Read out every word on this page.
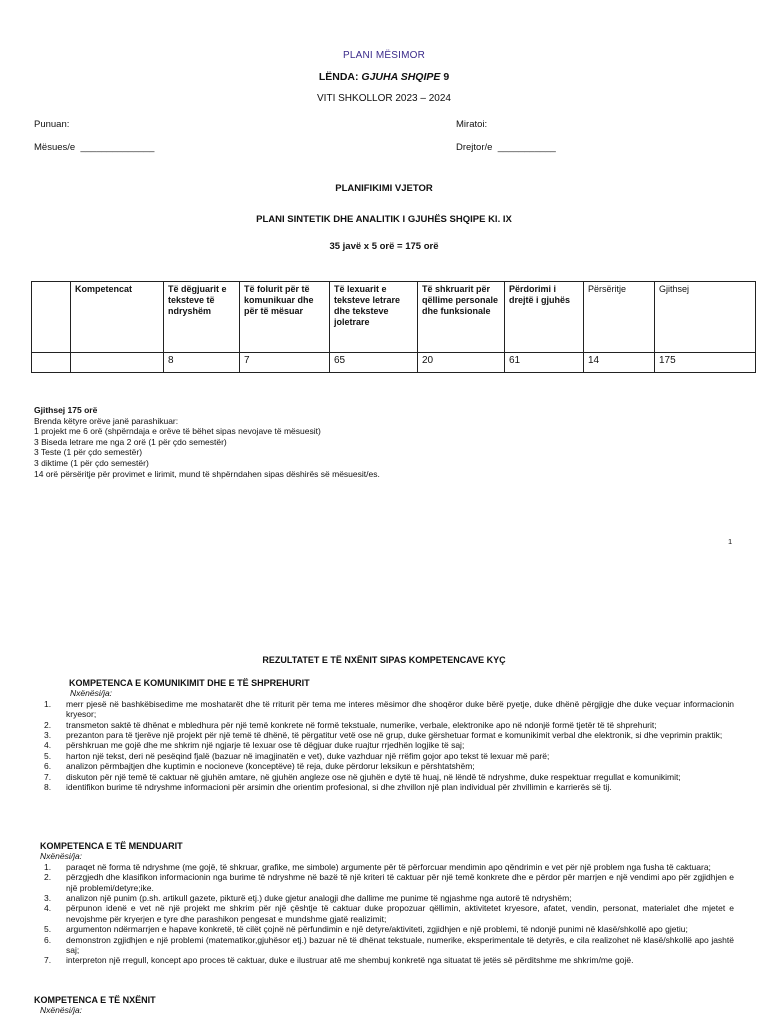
PLANI MËSIMOR
LËNDA: GJUHA SHQIPE 9
VITI SHKOLLOR 2023 – 2024
Punuan:	Miratoi:
Mësues/e ______________	Drejtor/e ___________
PLANIFIKIMI VJETOR
PLANI SINTETIK DHE ANALITIK I GJUHËS SHQIPE Kl. IX
35 javë x 5 orë = 175 orë
	Kompetencat	Të dëgjuarit e teksteve të ndryshëm	Të folurit për të komunikuar dhe për të mësuar	Të lexuarit e teksteve letrare dhe teksteve joletrare	Të shkruarit për qëllime personale dhe funksionale	Përdorimi i drejtë i gjuhës	Përsëritje	Gjithsej
		8	7	65	20	61	14	175
Gjithsej 175 orë
Brenda këtyre orëve janë parashikuar:
1 projekt me 6 orë (shpërndaja e orëve të bëhet sipas nevojave të mësuesit)
3 Biseda letrare me nga 2 orë (1 për çdo semestër)
3 Teste (1 për çdo semestër)
3 diktime (1 për çdo semestër)
14 orë përsëritje për provimet e lirimit, mund të shpërndahen sipas dëshirës së mësuesit/es.
1
REZULTATET E TË NXËNIT SIPAS KOMPETENCAVE KYÇ
KOMPETENCA E KOMUNIKIMIT DHE E TË SHPREHURIT
Nxënësi/ja:
1. merr pjesë në bashkëbisedime me moshatarët dhe të rriturit për tema me interes mësimor dhe shoqëror duke bërë pyetje, duke dhënë përgjigje dhe duke veçuar informacionin kryesor;
2. transmeton saktë të dhënat e mbledhura për një temë konkrete në formë tekstuale, numerike, verbale, elektronike apo në ndonjë formë tjetër të të shprehurit;
3. prezanton para të tjerëve një projekt për një temë të dhënë, të përgatitur vetë ose në grup, duke gërshetuar format e komunikimit verbal dhe elektronik, si dhe veprimin praktik;
4. përshkruan me gojë dhe me shkrim një ngjarje të lexuar ose të dëgjuar duke ruajtur rrjedhën logjike të saj;
5. harton një tekst, deri në pesëqind fjalë (bazuar në imagjinatën e vet), duke vazhduar një rrëfim gojor apo tekst të lexuar më parë;
6. analizon përmbajtjen dhe kuptimin e nocioneve (konceptëve) të reja, duke përdorur leksikun e përshtatshëm;
7. diskuton për një temë të caktuar në gjuhën amtare, në gjuhën angleze ose në gjuhën e dytë të huaj, në lëndë të ndryshme, duke respektuar rregullat e komunikimit;
8. identifikon burime të ndryshme informacioni për arsimin dhe orientim profesional, si dhe zhvillon një plan individual për zhvillimin e karrierës së tij.
KOMPETENCA E TË MENDUARIT
Nxënësi/ja:
1. paraqet në forma të ndryshme (me gojë, të shkruar, grafike, me simbole) argumente për të përforcuar mendimin apo qëndrimin e vet për një problem nga fusha të caktuara;
2. përzgjedh dhe klasifikon informacionin nga burime të ndryshme në bazë të një kriteri të caktuar për një temë konkrete dhe e përdor për marrjen e një vendimi apo për zgjidhjen e një problemi/detyre;ike.
3. analizon një punim (p.sh. artikull gazete, pikturë etj.) duke gjetur analogji dhe dallime me punime të ngjashme nga autorë të ndryshëm;
4. përpunon idenë e vet në një projekt me shkrim për një çështje të caktuar duke propozuar qëllimin, aktivitetet kryesore, afatet, vendin, personat, materialet dhe mjetet e nevojshme për kryerjen e tyre dhe parashikon pengesat e mundshme gjatë realizimit;
5. argumenton ndërmarrjen e hapave konkretë, të cilët çojnë në përfundimin e një detyre/aktiviteti, zgjidhjen e një problemi, të ndonjë punimi në klasë/shkollë apo gjetiu;
6. demonstron zgjidhjen e një problemi (matematikor,gjuhësor etj.) bazuar në të dhënat tekstuale, numerike, eksperimentale të detyrës, e cila realizohet në klasë/shkollë apo jashtë saj;
7. interpreton një rregull, koncept apo proces të caktuar, duke e ilustruar atë me shembuj konkretë nga situatat të jetës së përditshme me shkrim/me gojë.
KOMPETENCA E TË NXËNIT
Nxënësi/ja:
